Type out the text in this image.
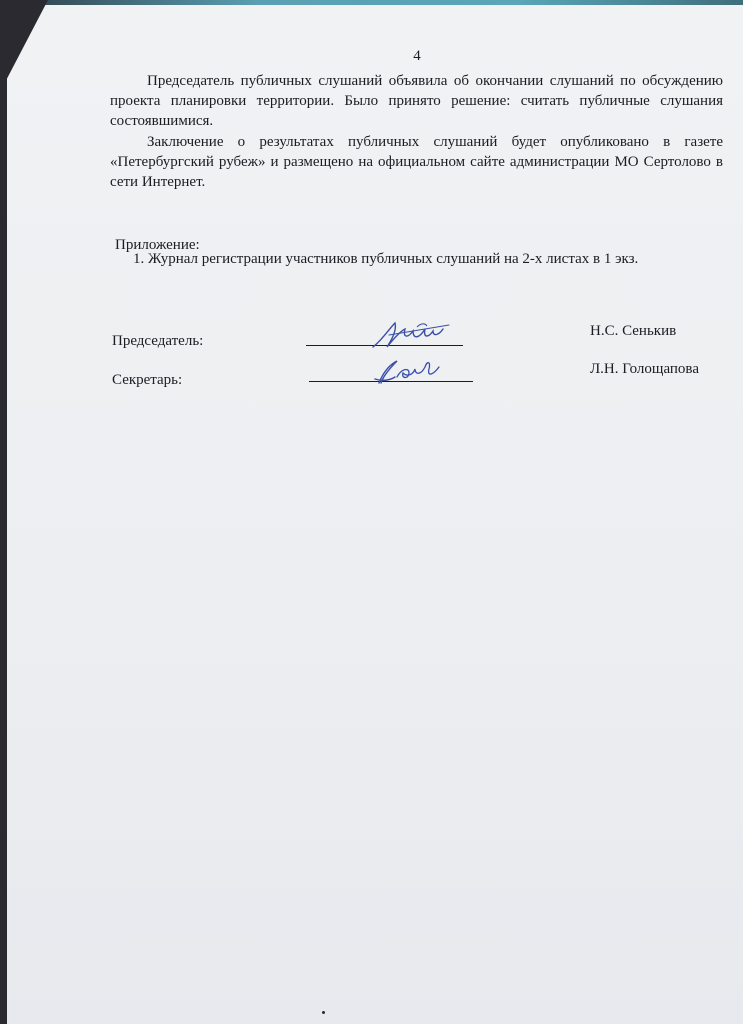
4

Председатель публичных слушаний объявила об окончании слушаний по обсуждению проекта планировки территории. Было принято решение: считать публичные слушания состоявшимися.

Заключение о результатах публичных слушаний будет опубликовано в газете «Петербургский рубеж» и размещено на официальном сайте администрации МО Сертолово в сети Интернет.

Приложение:
1. Журнал регистрации участников публичных слушаний на 2-х листах в 1 экз.
Председатель:
Н.С. Сенькив
Секретарь:
Л.Н. Голощапова
